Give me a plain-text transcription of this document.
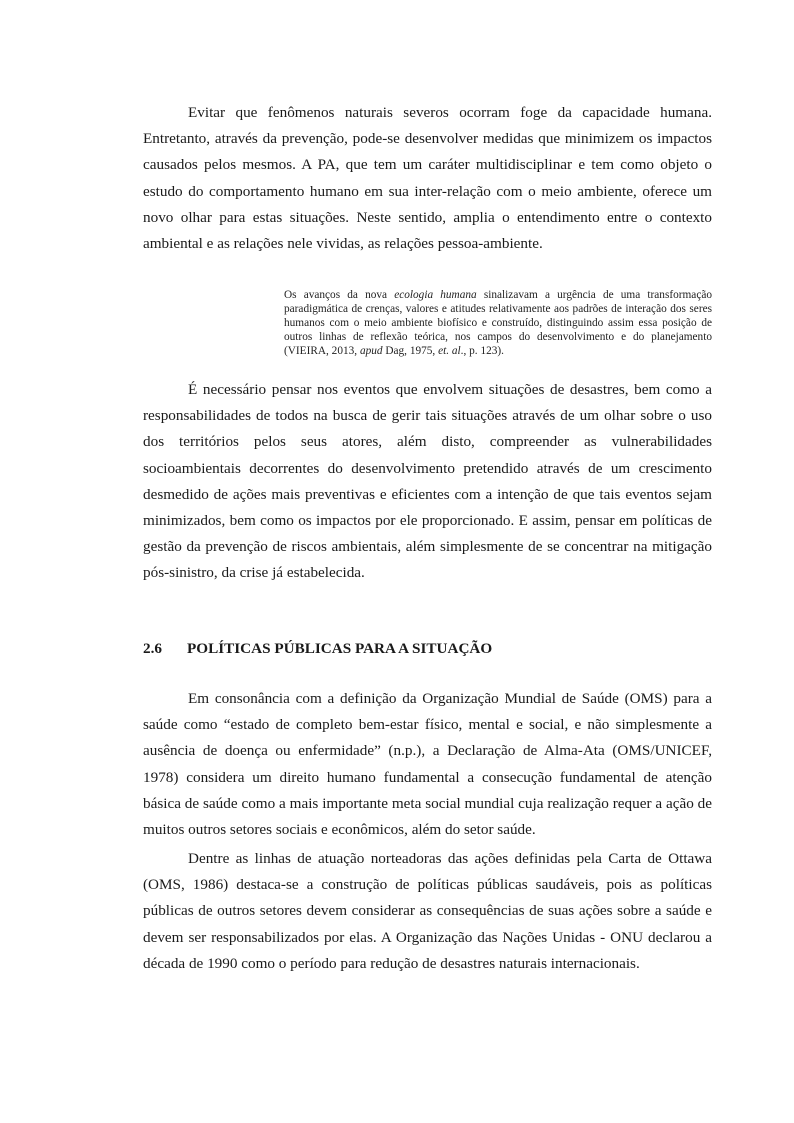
Evitar que fenômenos naturais severos ocorram foge da capacidade humana. Entretanto, através da prevenção, pode-se desenvolver medidas que minimizem os impactos causados pelos mesmos. A PA, que tem um caráter multidisciplinar e tem como objeto o estudo do comportamento humano em sua inter-relação com o meio ambiente, oferece um novo olhar para estas situações. Neste sentido, amplia o entendimento entre o contexto ambiental e as relações nele vividas, as relações pessoa-ambiente.

Os avanços da nova ecologia humana sinalizavam a urgência de uma transformação paradigmática de crenças, valores e atitudes relativamente aos padrões de interação dos seres humanos com o meio ambiente biofísico e construído, distinguindo assim essa posição de outros linhas de reflexão teórica, nos campos do desenvolvimento e do planejamento (VIEIRA, 2013, apud Dag, 1975, et. al., p. 123).

É necessário pensar nos eventos que envolvem situações de desastres, bem como a responsabilidades de todos na busca de gerir tais situações através de um olhar sobre o uso dos territórios pelos seus atores, além disto, compreender as vulnerabilidades socioambientais decorrentes do desenvolvimento pretendido através de um crescimento desmedido de ações mais preventivas e eficientes com a intenção de que tais eventos sejam minimizados, bem como os impactos por ele proporcionado. E assim, pensar em políticas de gestão da prevenção de riscos ambientais, além simplesmente de se concentrar na mitigação pós-sinistro, da crise já estabelecida.

2.6 POLÍTICAS PÚBLICAS PARA A SITUAÇÃO

Em consonância com a definição da Organização Mundial de Saúde (OMS) para a saúde como “estado de completo bem-estar físico, mental e social, e não simplesmente a ausência de doença ou enfermidade” (n.p.), a Declaração de Alma-Ata (OMS/UNICEF, 1978) considera um direito humano fundamental a consecução fundamental de atenção básica de saúde como a mais importante meta social mundial cuja realização requer a ação de muitos outros setores sociais e econômicos, além do setor saúde.

Dentre as linhas de atuação norteadoras das ações definidas pela Carta de Ottawa (OMS, 1986) destaca-se a construção de políticas públicas saudáveis, pois as políticas públicas de outros setores devem considerar as consequências de suas ações sobre a saúde e devem ser responsabilizados por elas. A Organização das Nações Unidas - ONU declarou a década de 1990 como o período para redução de desastres naturais internacionais.
